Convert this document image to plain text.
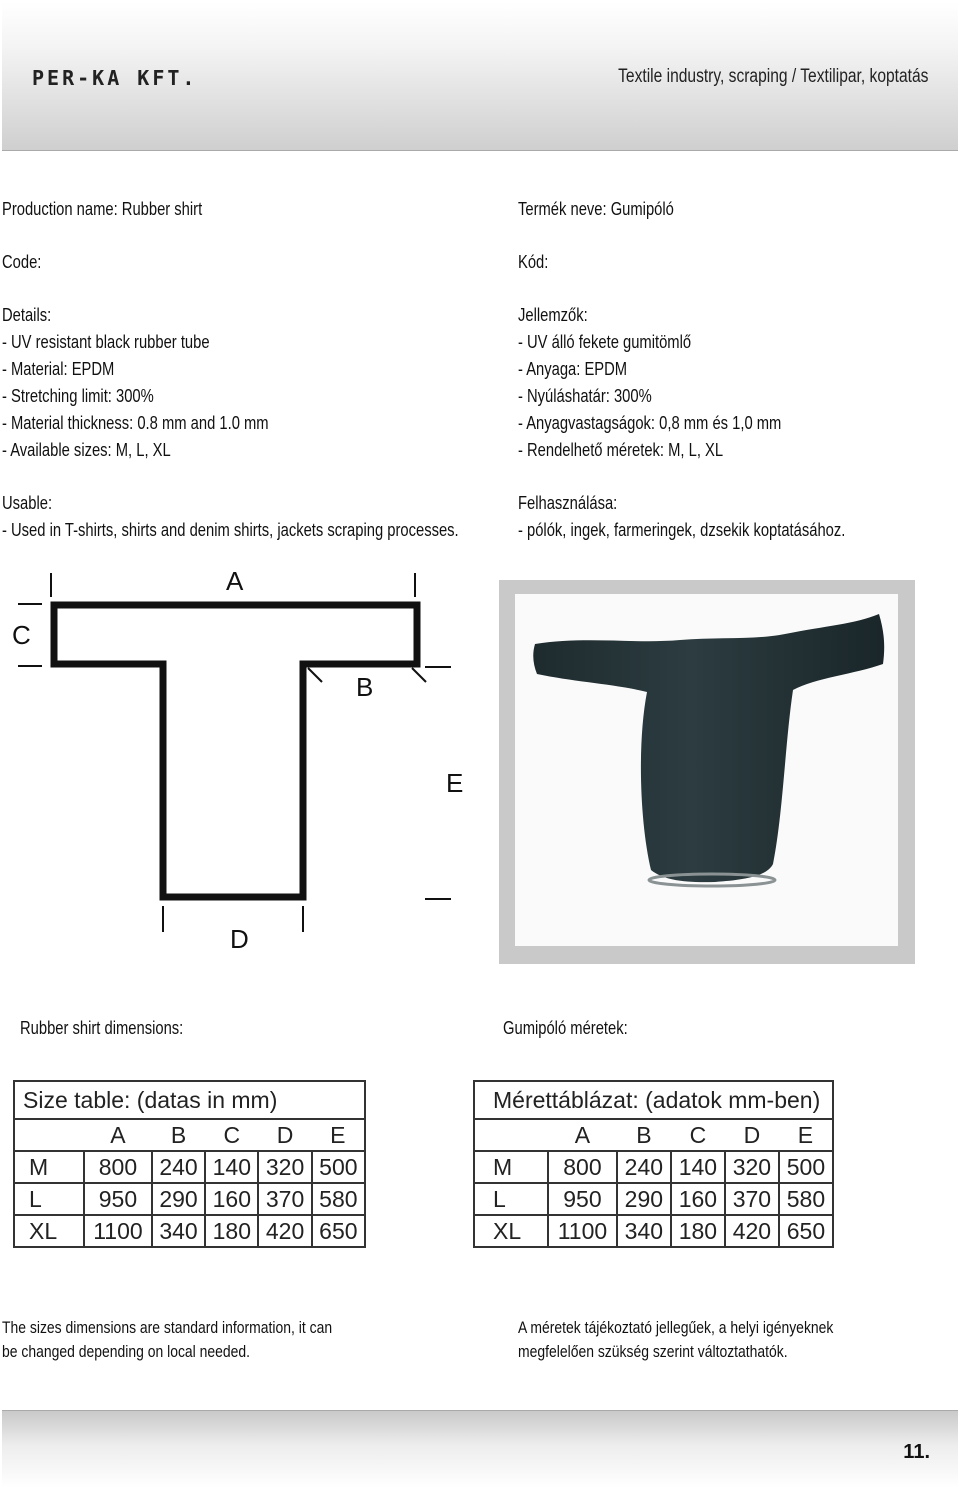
PER-KA KFT.	Textile industry, scraping / Textilipar, koptatás
Production name: Rubber shirt
Code:
Details:
- UV resistant black rubber tube
- Material: EPDM
- Stretching limit: 300%
- Material thickness: 0.8 mm and 1.0 mm
- Available sizes: M, L, XL
Usable:
- Used in T-shirts, shirts and denim shirts, jackets scraping processes.
Termék neve: Gumipóló
Kód:
Jellemzők:
- UV álló fekete gumitömlő
- Anyaga: EPDM
- Nyúláshatár: 300%
- Anyagvastagságok: 0,8 mm és 1,0 mm
- Rendelhető méretek: M, L, XL
Felhasználása:
- pólók, ingek, farmeringek, dzsekik koptatásához.
A
C
B
E
D
Rubber shirt dimensions:	Gumipóló méretek:
Size table: (datas in mm)					
	A	B	C	D	E
M	800	240	140	320	500
L	950	290	160	370	580
XL	1100	340	180	420	650
Mérettáblázat: (adatok mm-ben)					
	A	B	C	D	E
M	800	240	140	320	500
L	950	290	160	370	580
XL	1100	340	180	420	650
The sizes dimensions are standard information, it can
be changed depending on local needed.
A méretek tájékoztató jellegűek, a helyi igényeknek
megfelelően szükség szerint változtathatók.
11.
